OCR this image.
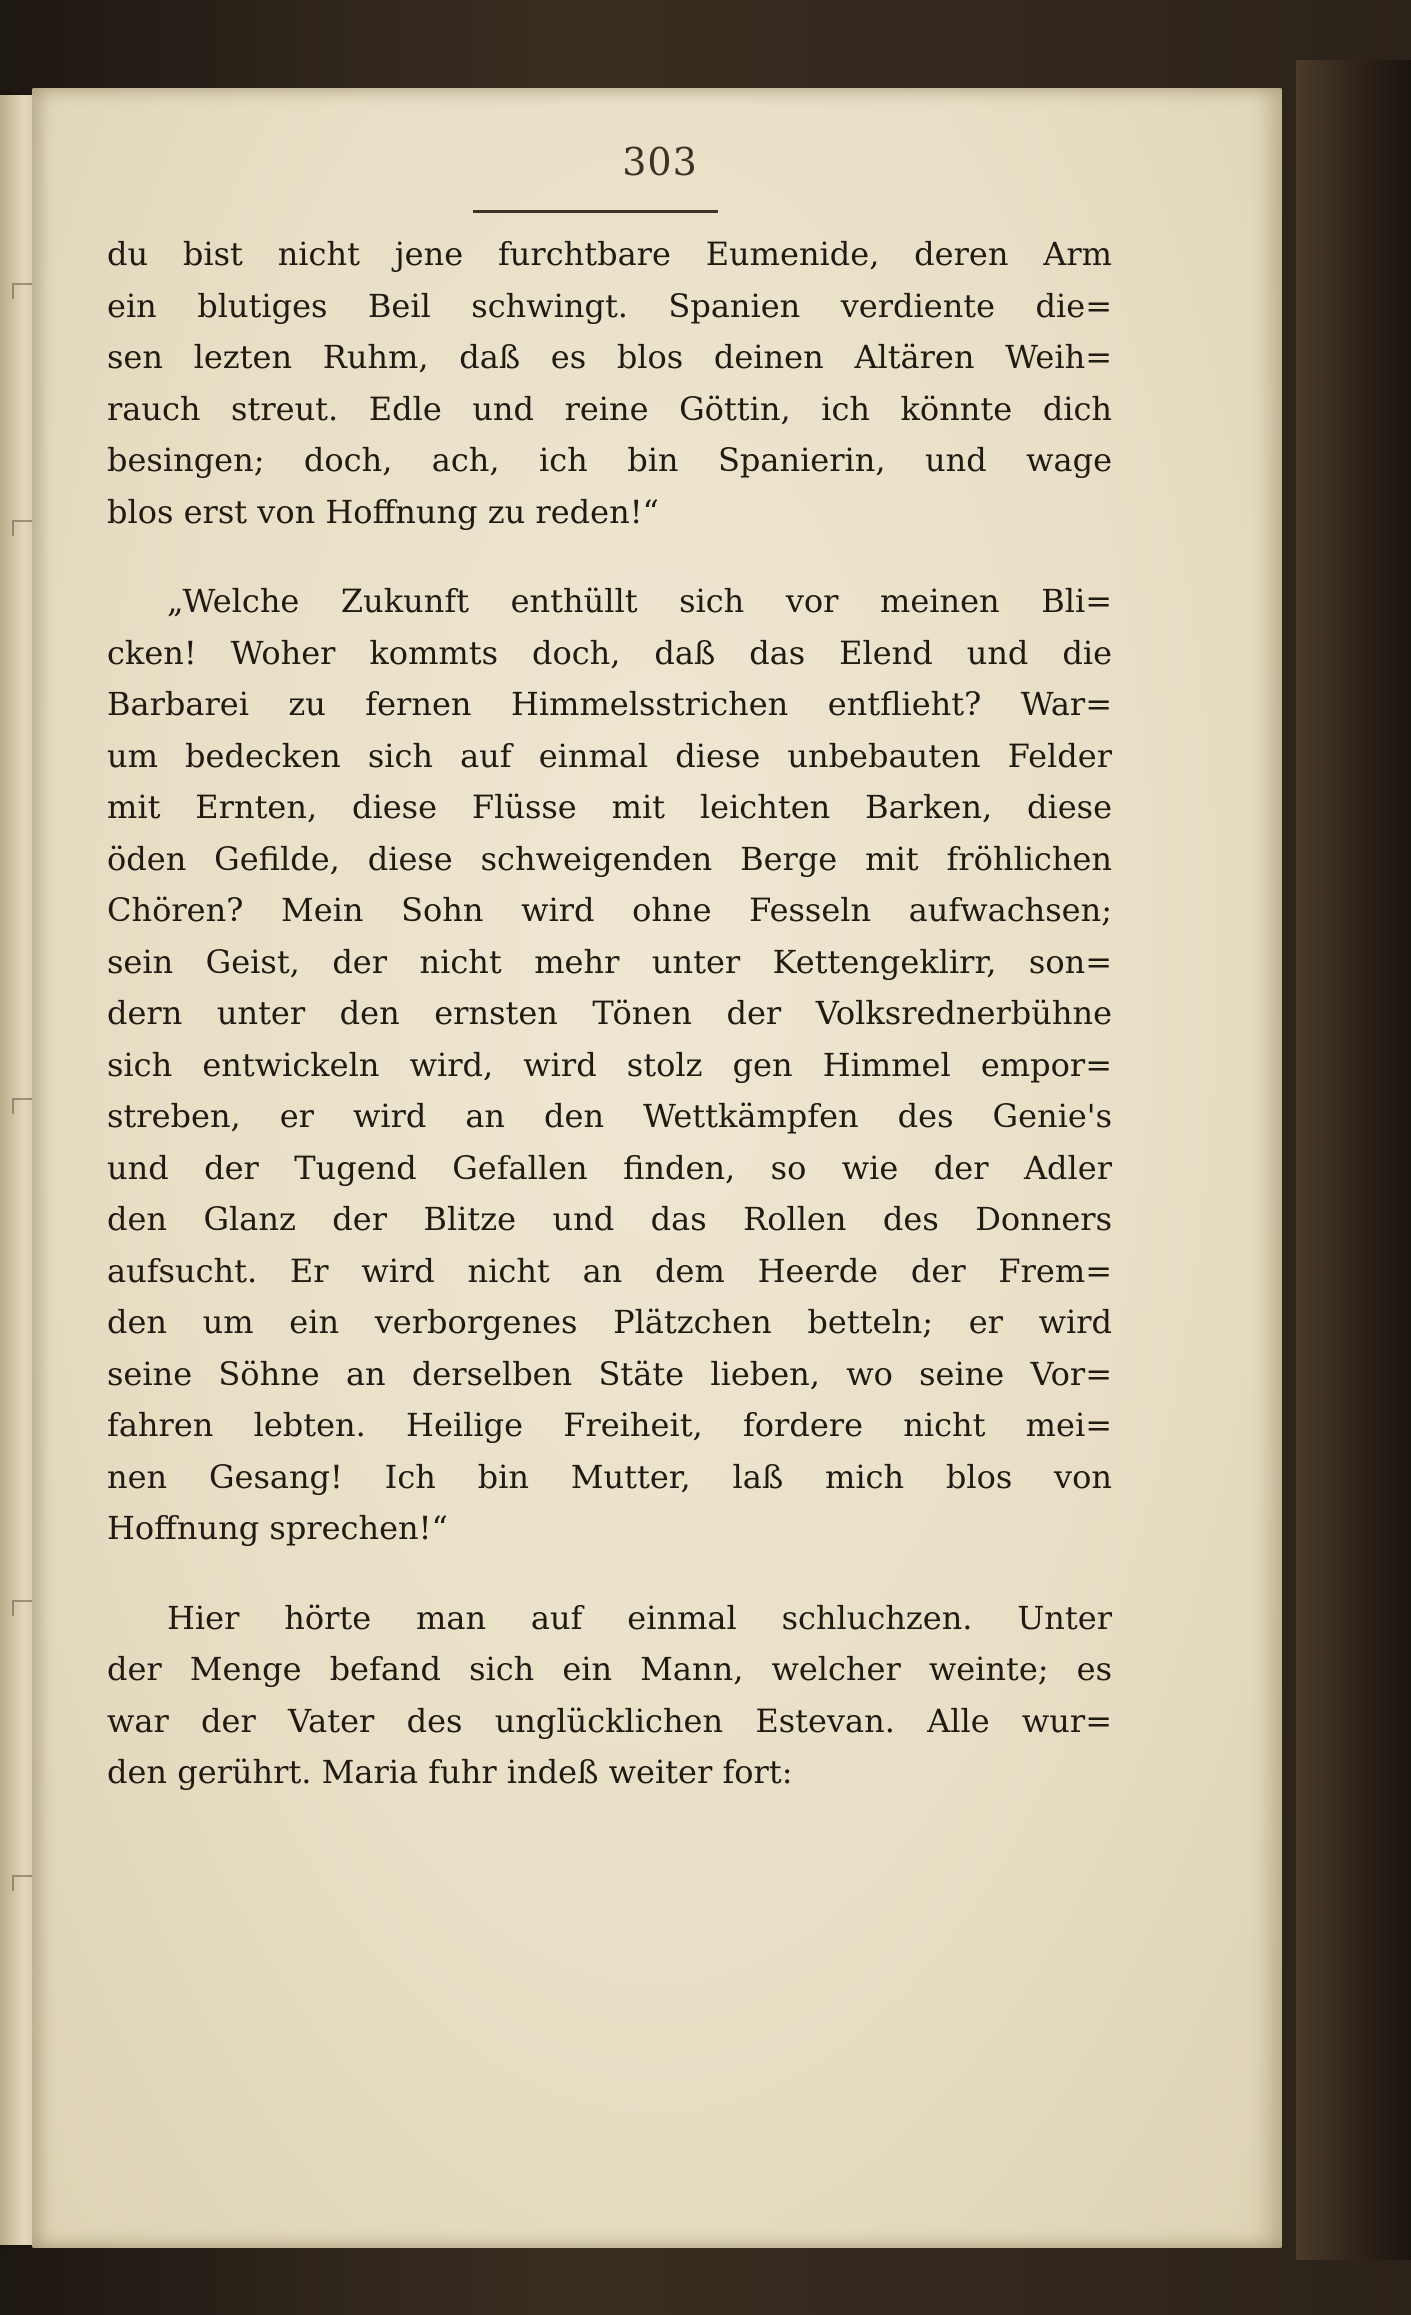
303
du bist nicht jene furchtbare Eumenide, deren Arm
ein blutiges Beil schwingt. Spanien verdiente die=
sen lezten Ruhm, daß es blos deinen Altären Weih=
rauch streut. Edle und reine Göttin, ich könnte dich
besingen; doch, ach, ich bin Spanierin, und wage
blos erst von Hoffnung zu reden!“
„Welche Zukunft enthüllt sich vor meinen Bli=
cken! Woher kommts doch, daß das Elend und die
Barbarei zu fernen Himmelsstrichen entflieht? War=
um bedecken sich auf einmal diese unbebauten Felder
mit Ernten, diese Flüsse mit leichten Barken, diese
öden Gefilde, diese schweigenden Berge mit fröhlichen
Chören? Mein Sohn wird ohne Fesseln aufwachsen;
sein Geist, der nicht mehr unter Kettengeklirr, son=
dern unter den ernsten Tönen der Volksrednerbühne
sich entwickeln wird, wird stolz gen Himmel empor=
streben, er wird an den Wettkämpfen des Genie's
und der Tugend Gefallen finden, so wie der Adler
den Glanz der Blitze und das Rollen des Donners
aufsucht. Er wird nicht an dem Heerde der Frem=
den um ein verborgenes Plätzchen betteln; er wird
seine Söhne an derselben Stäte lieben, wo seine Vor=
fahren lebten. Heilige Freiheit, fordere nicht mei=
nen Gesang! Ich bin Mutter, laß mich blos von
Hoffnung sprechen!“
Hier hörte man auf einmal schluchzen. Unter
der Menge befand sich ein Mann, welcher weinte; es
war der Vater des unglücklichen Estevan. Alle wur=
den gerührt. Maria fuhr indeß weiter fort:
